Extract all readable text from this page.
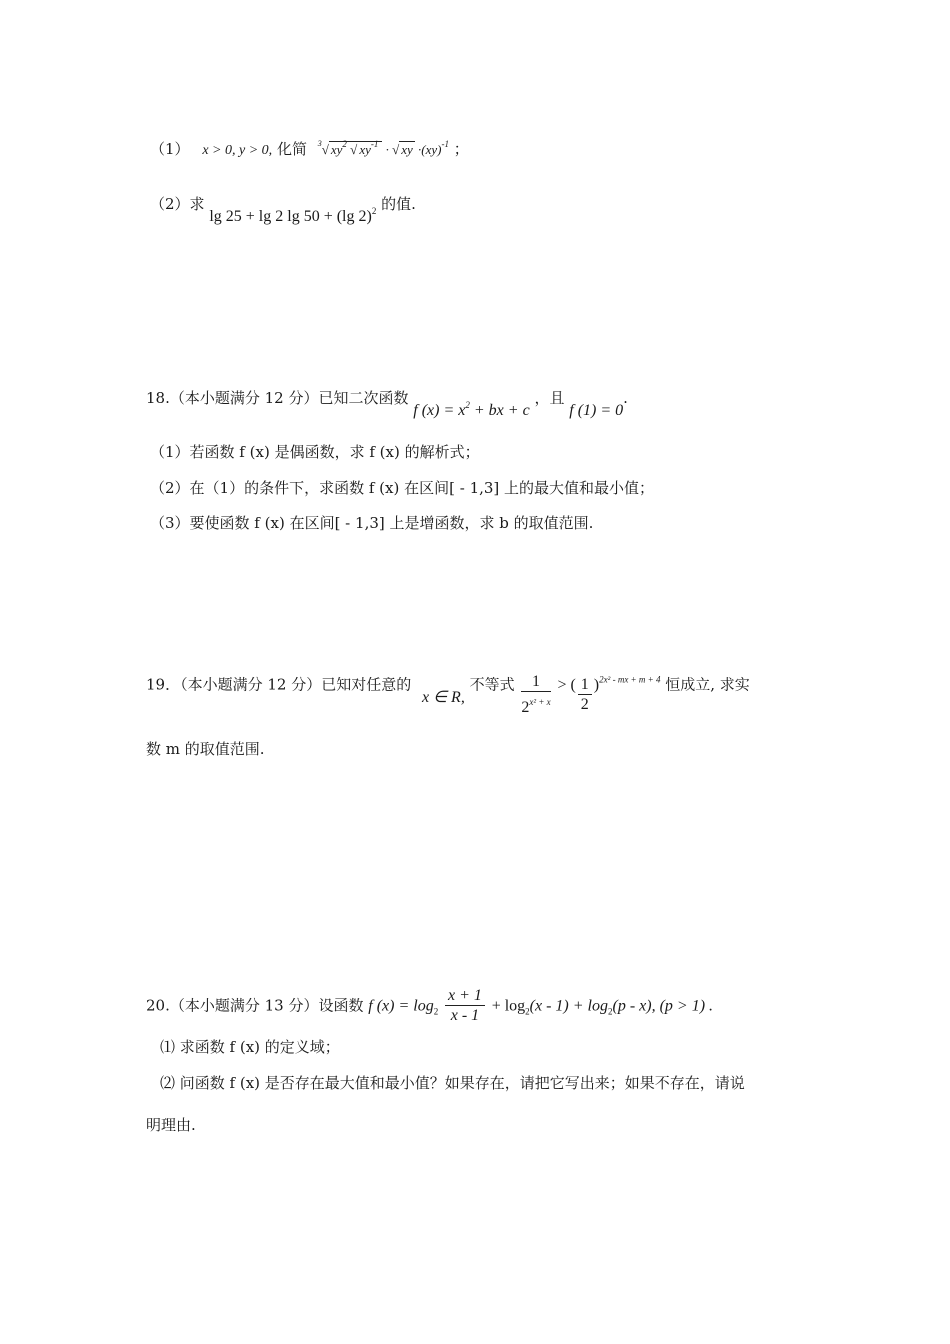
（1） x > 0, y > 0, 化简 $^3$√ $xy^2$ √ $xy^{-1}$ · √ xy ·(xy)$^{-1}$ ；
（2）求 lg 25 + lg 2 lg 50 + (lg $2)_2$ 的值.
18.（本小题满分 12 分）已知二次函数 f $(x) = x^2$ + bx + c ，且 f (1) = 0.
（1）若函数 f (x) 是偶函数，求 f (x) 的解析式；
（2）在（1）的条件下，求函数 f (x) 在区间[ - 1,3] 上的最大值和最小值；
（3）要使函数 f (x) 在区间[ - 1,3] 上是增函数，求 b 的取值范围.
19．（本小题满分 12 分）已知对任意的 x ∈ R, 不等式 $\frac{1}{2^{x^2 + x}}$ > ( $\frac{1}{2} )^{2x^2 - mx + m + 4}$ 恒成立, 求实
数 m 的取值范围.
20.（本小题满分 13 分）设函数 f $(x) = \log_2 \frac{x + 1}{x - 1} + \log_2(x - 1) + \log_2(p - x)$, (p > 1) .
⑴ 求函数 f (x) 的定义域；
⑵ 问函数 f (x) 是否存在最大值和最小值？如果存在，请把它写出来；如果不存在，请说
明理由.
